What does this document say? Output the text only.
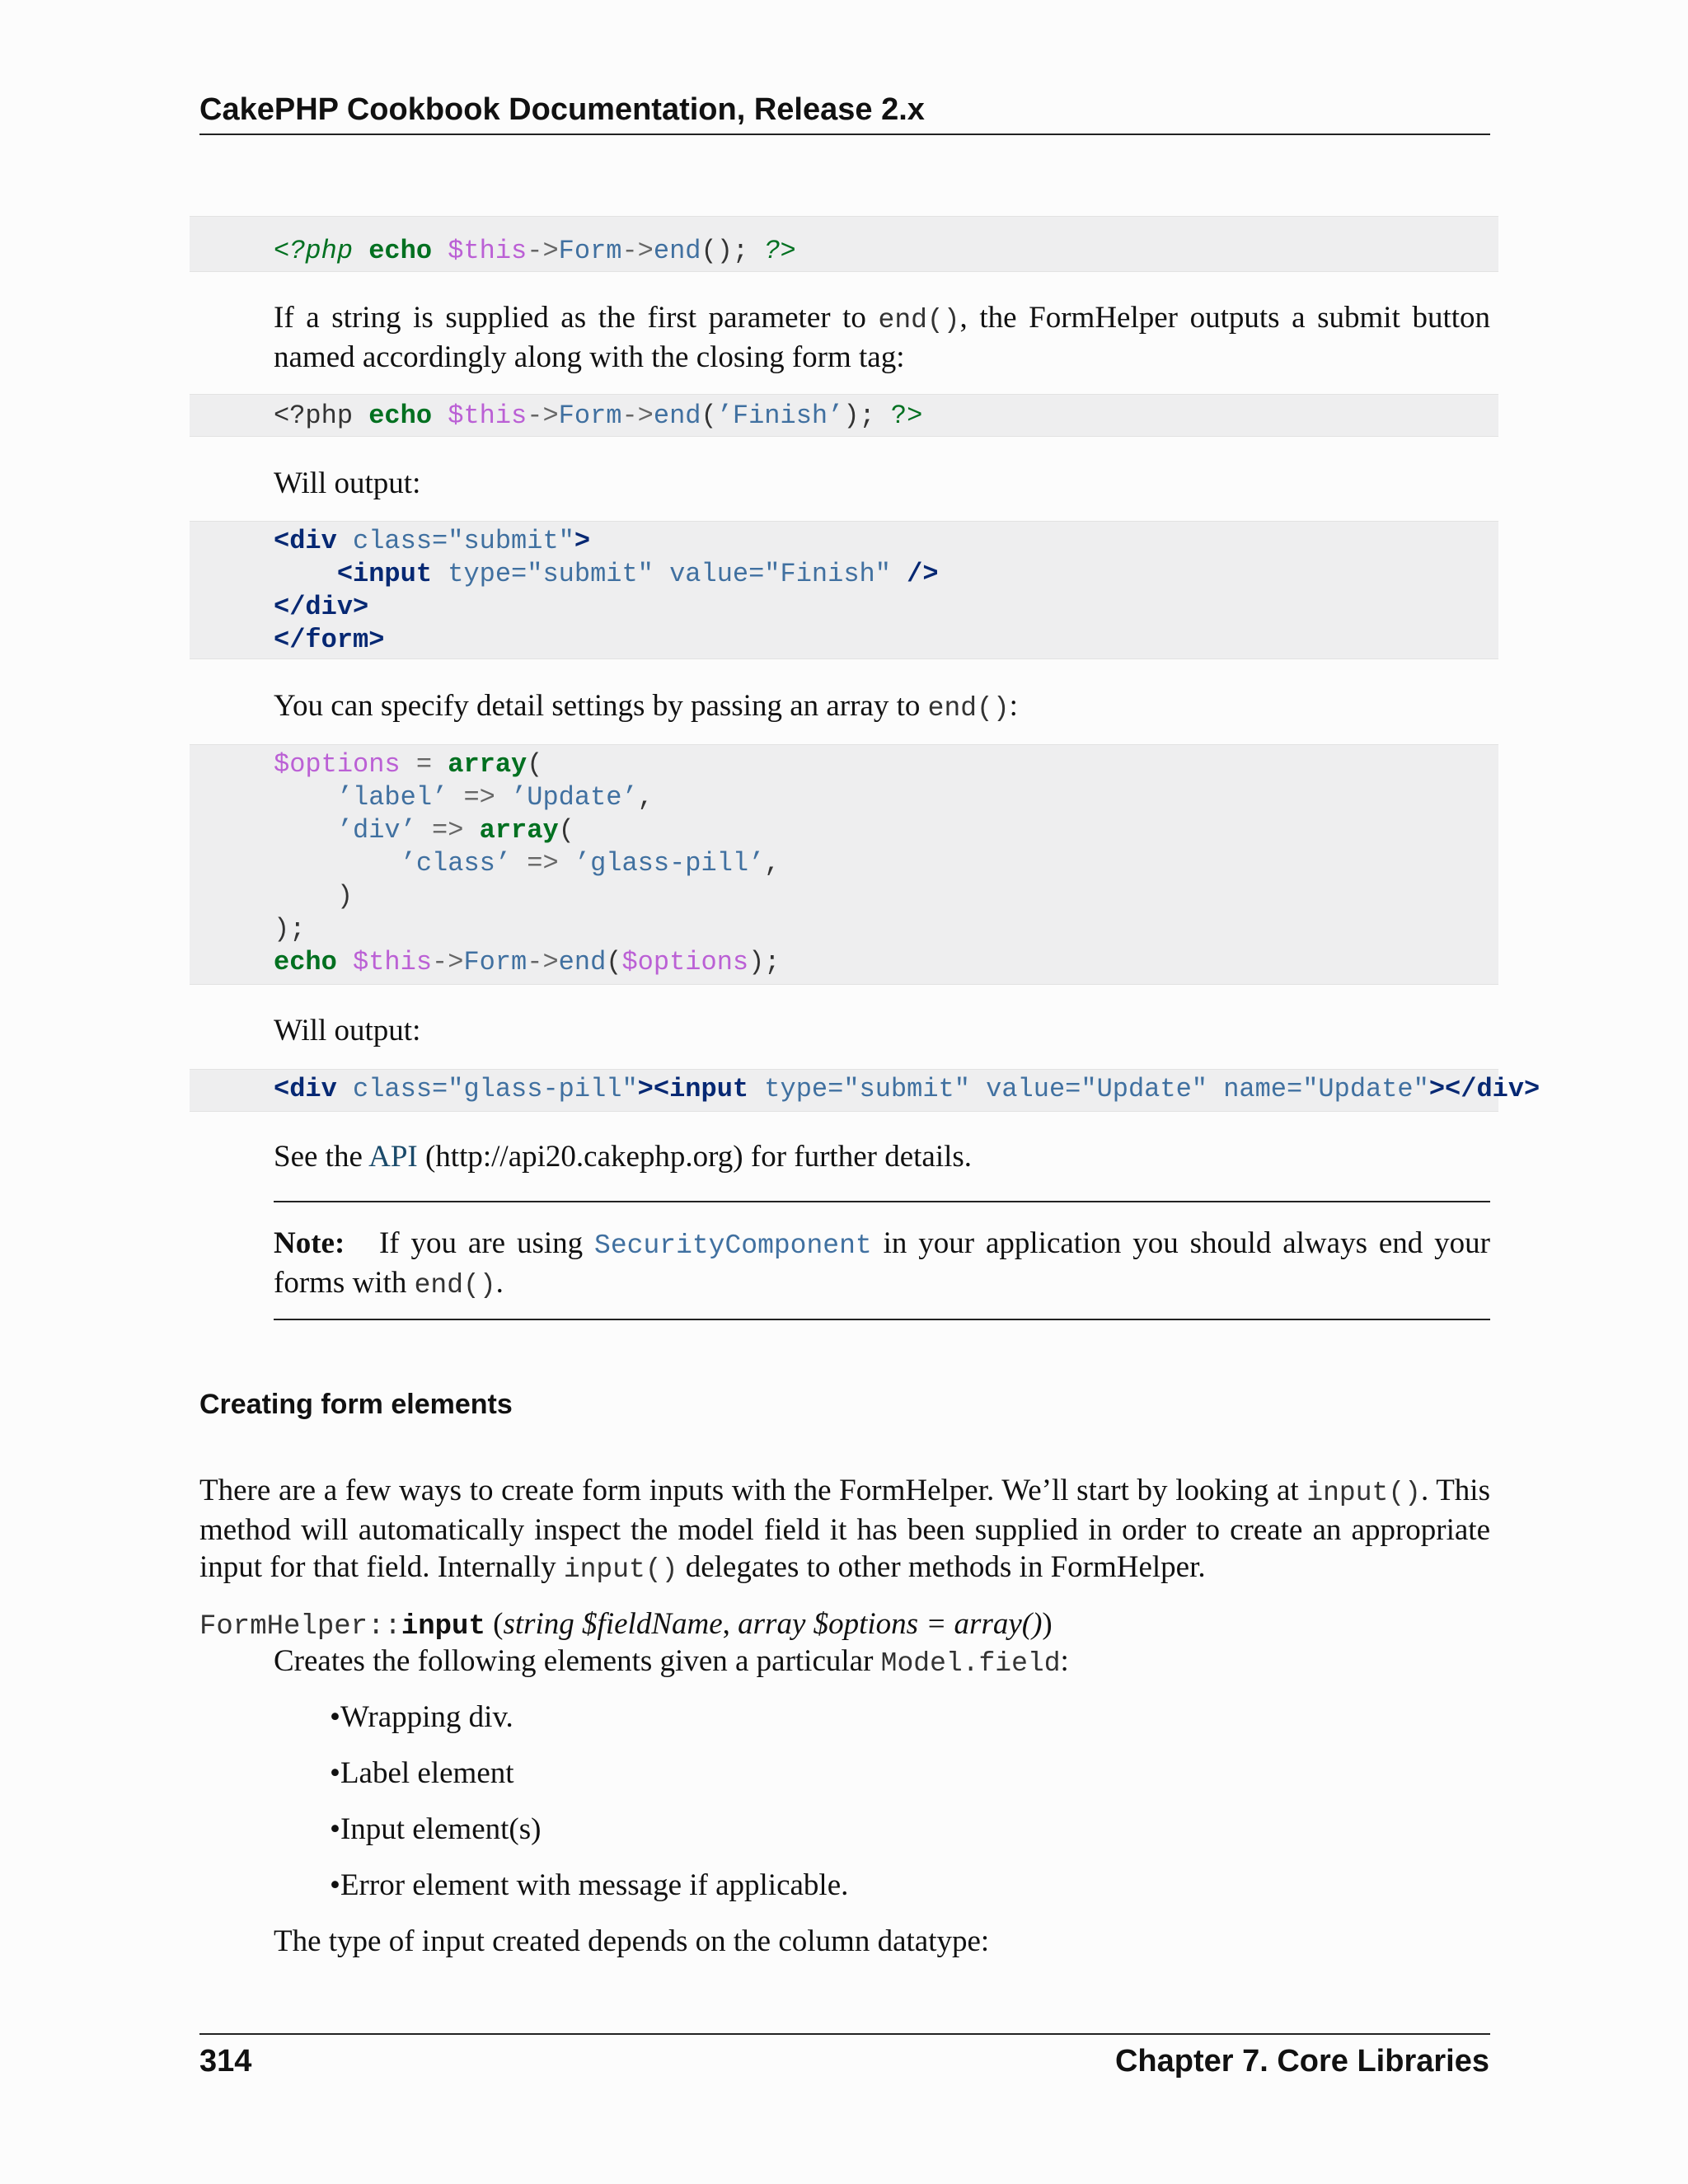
CakePHP Cookbook Documentation, Release 2.x
<?php echo $this->Form->end(); ?>
If a string is supplied as the first parameter to end(), the FormHelper outputs a submit button named accordingly along with the closing form tag:
<?php echo $this->Form->end(’Finish’); ?>
Will output:
<div class="submit">
<input type="submit" value="Finish" />
</div>
</form>
You can specify detail settings by passing an array to end():
$options = array(
’label’ => ’Update’,
’div’ => array(
’class’ => ’glass-pill’,
)
);
echo $this->Form->end($options);
Will output:
<div class="glass-pill"><input type="submit" value="Update" name="Update"></div>
See the API (http://api20.cakephp.org) for further details.
Note: If you are using SecurityComponent in your application you should always end your forms with end().
Creating form elements
There are a few ways to create form inputs with the FormHelper. We’ll start by looking at input(). This method will automatically inspect the model field it has been supplied in order to create an appropriate input for that field. Internally input() delegates to other methods in FormHelper.
FormHelper::input (string $fieldName, array $options = array())
Creates the following elements given a particular Model.field:
•Wrapping div.
•Label element
•Input element(s)
•Error element with message if applicable.
The type of input created depends on the column datatype:
314	Chapter 7. Core Libraries
